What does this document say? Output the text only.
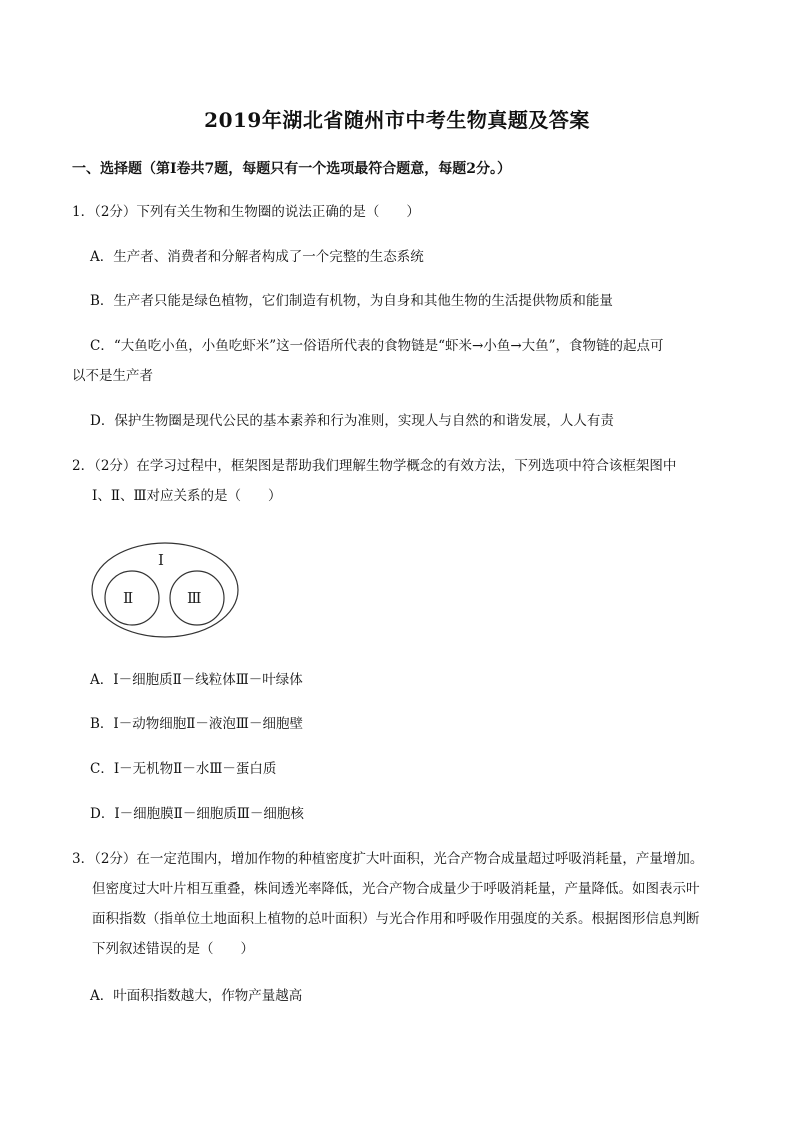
2019年湖北省随州市中考生物真题及答案
一、选择题（第Ⅰ卷共7题，每题只有一个选项最符合题意，每题2分。）
1．（2分）下列有关生物和生物圈的说法正确的是（　　）
A．生产者、消费者和分解者构成了一个完整的生态系统
B．生产者只能是绿色植物，它们制造有机物，为自身和其他生物的生活提供物质和能量
C．“大鱼吃小鱼，小鱼吃虾米”这一俗语所代表的食物链是“虾米→小鱼→大鱼”，食物链的起点可
以不是生产者
D．保护生物圈是现代公民的基本素养和行为准则，实现人与自然的和谐发展，人人有责
2．（2分）在学习过程中，框架图是帮助我们理解生物学概念的有效方法，下列选项中符合该框架图中
Ⅰ、Ⅱ、Ⅲ对应关系的是（　　）
Ⅰ
Ⅱ	Ⅲ
A．Ⅰ－细胞质Ⅱ－线粒体Ⅲ－叶绿体
B．Ⅰ－动物细胞Ⅱ－液泡Ⅲ－细胞壁
C．Ⅰ－无机物Ⅱ－水Ⅲ－蛋白质
D．Ⅰ－细胞膜Ⅱ－细胞质Ⅲ－细胞核
3．（2分）在一定范围内，增加作物的种植密度扩大叶面积，光合产物合成量超过呼吸消耗量，产量增加。
但密度过大叶片相互重叠，株间透光率降低，光合产物合成量少于呼吸消耗量，产量降低。如图表示叶
面积指数（指单位土地面积上植物的总叶面积）与光合作用和呼吸作用强度的关系。根据图形信息判断
下列叙述错误的是（　　）
A．叶面积指数越大，作物产量越高
